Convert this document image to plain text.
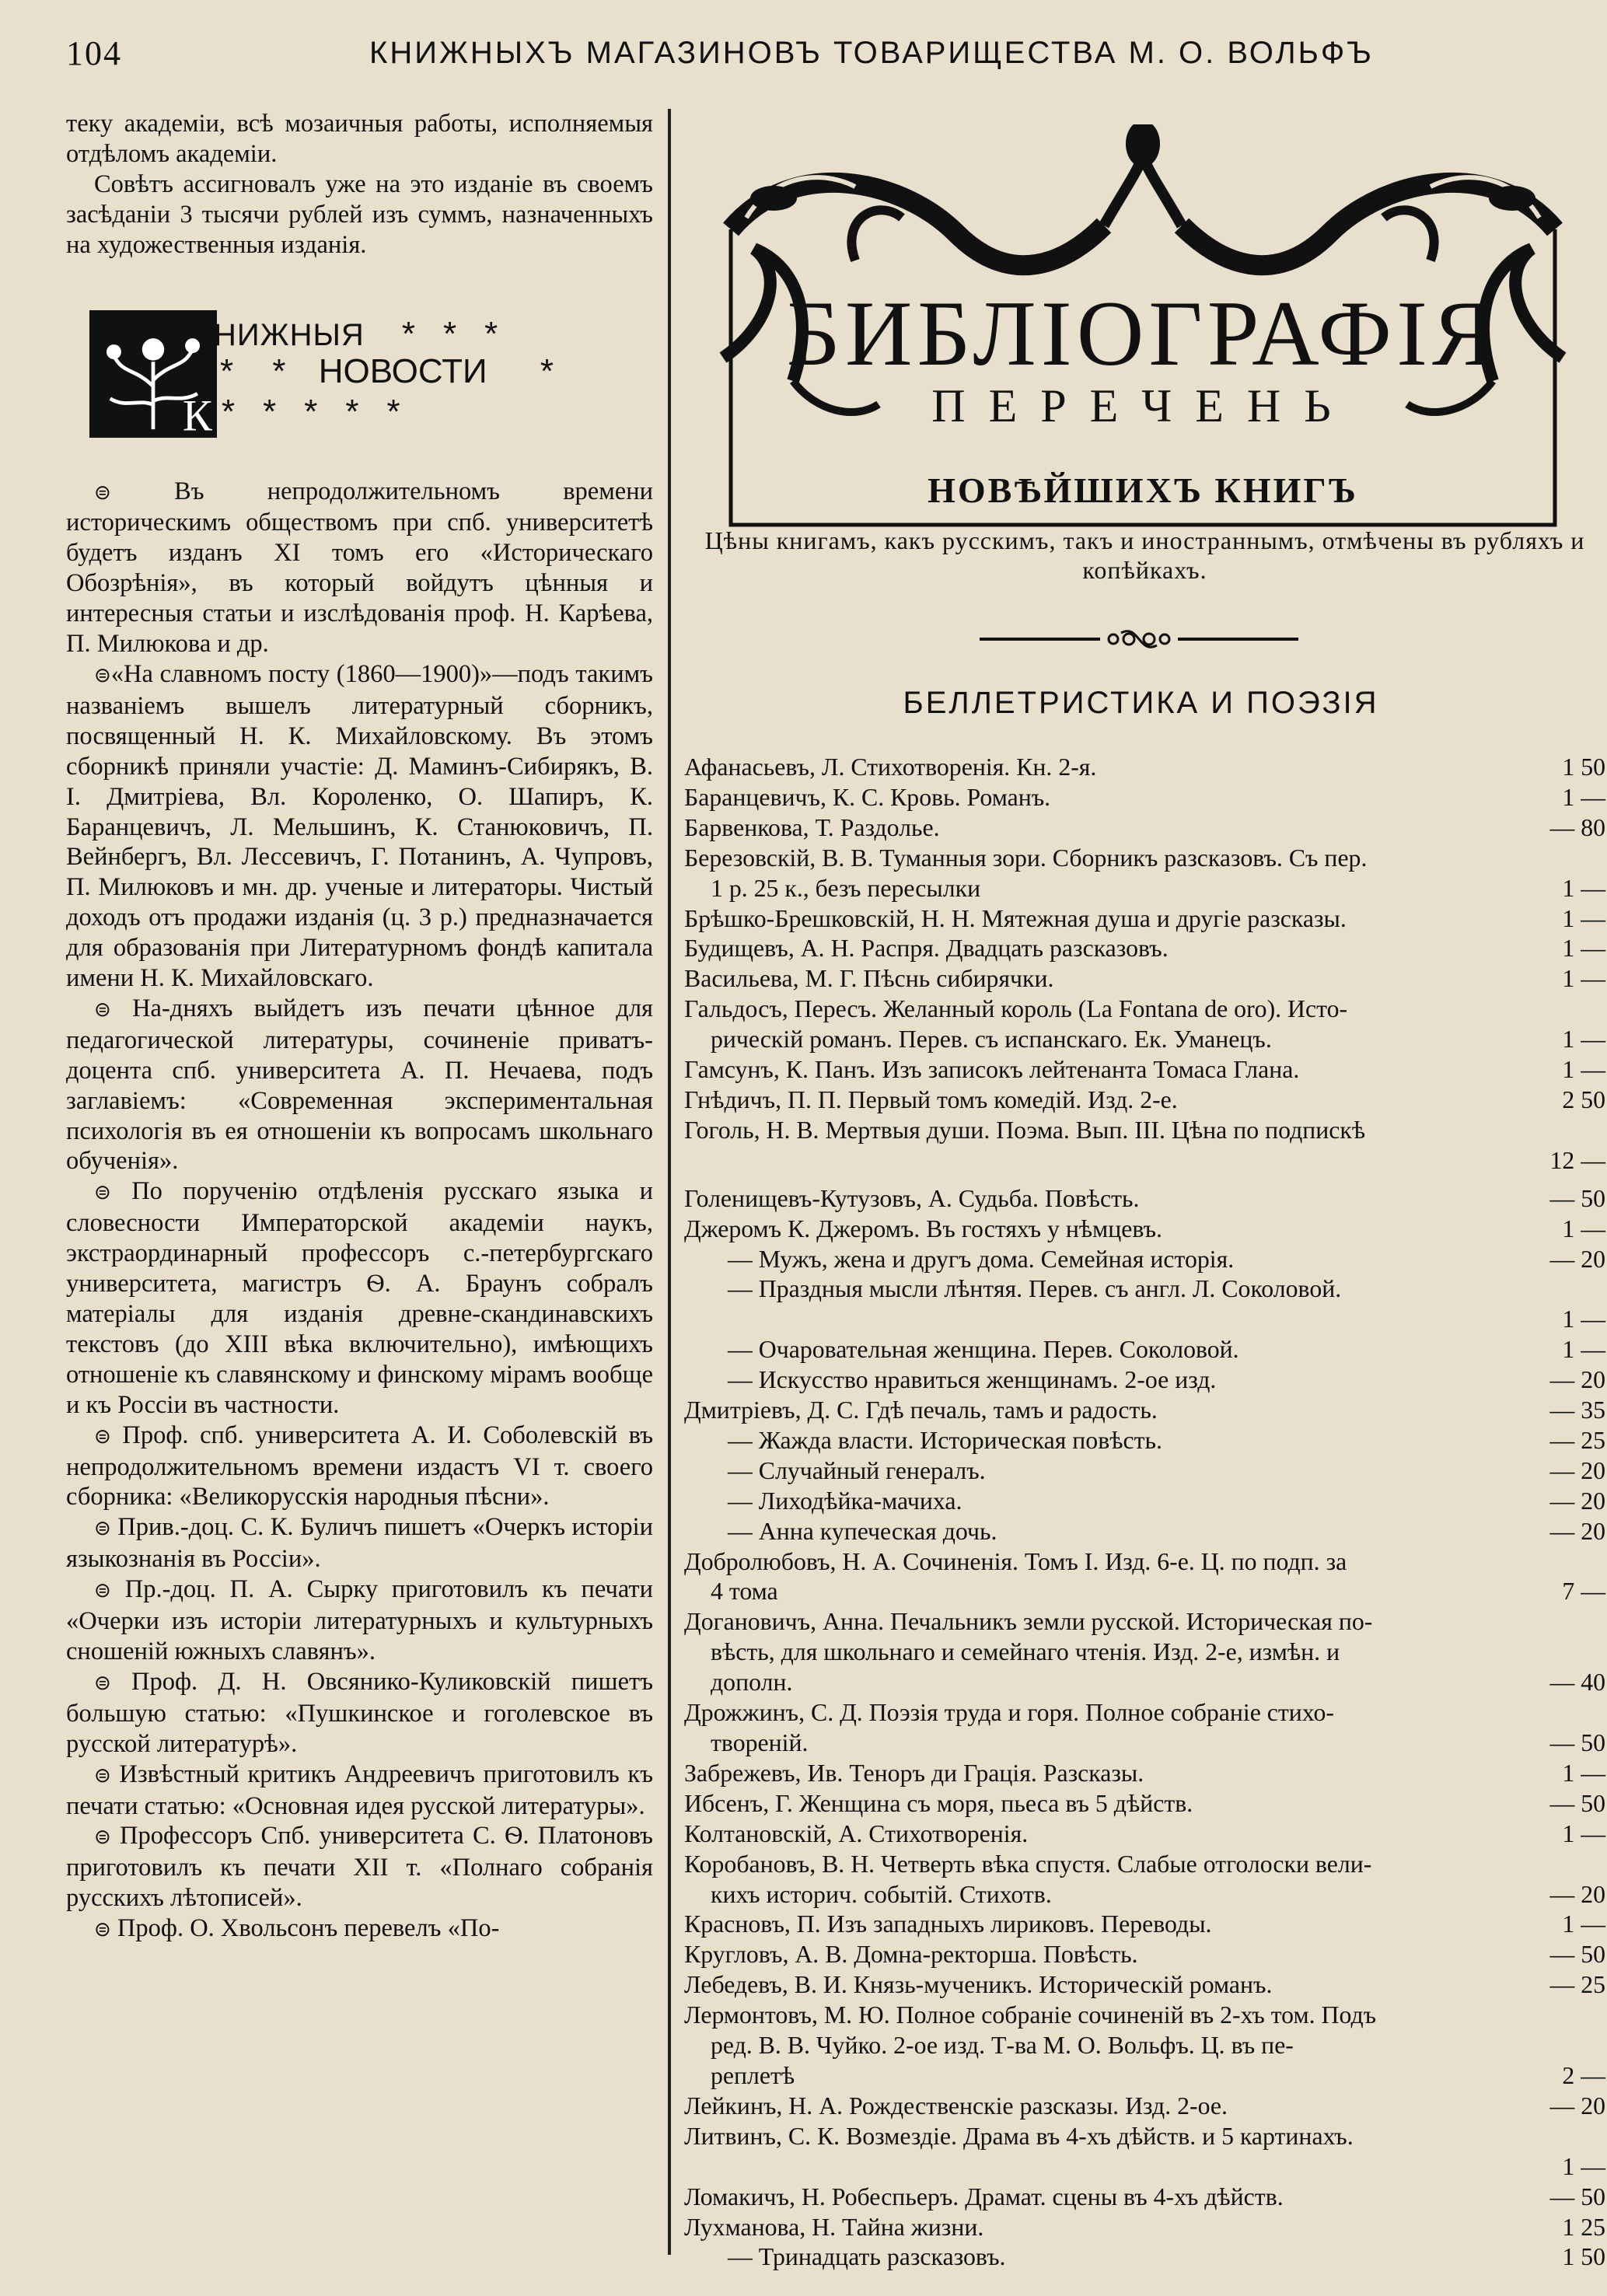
104	КНИЖНЫХЪ МАГАЗИНОВЪ ТОВАРИЩЕСТВА М. О. ВОЛЬФЪ

теку академiи, всѣ мозаичныя работы, исполняемыя отдѣломъ академiи.

Совѣтъ ассигновалъ уже на это изданiе въ своемъ засѣданiи 3 тысячи рублей изъ суммъ, назначенныхъ на художественныя изданiя.

К
НИЖНЫЯ ***
* * НОВОСТИ *
*****

⊜ Въ непродолжительномъ времени историческимъ обществомъ при спб. университетѣ будетъ изданъ XI томъ его «Историческаго Обозрѣнiя», въ который войдутъ цѣнныя и интересныя статьи и изслѣдованiя проф. Н. Карѣева, П. Милюкова и др.

⊜«На славномъ посту (1860—1900)»—подъ такимъ названiемъ вышелъ литературный сборникъ, посвященный Н. К. Михайловскому. Въ этомъ сборникѣ приняли участiе: Д. Маминъ-Сибирякъ, В. I. Дмитрiева, Вл. Короленко, О. Шапиръ, К. Баранцевичъ, Л. Мельшинъ, К. Станюковичъ, П. Вейнбергъ, Вл. Лессевичъ, Г. Потанинъ, А. Чупровъ, П. Милюковъ и мн. др. ученые и литераторы. Чистый доходъ отъ продажи изданiя (ц. 3 р.) предназначается для образованiя при Литературномъ фондѣ капитала имени Н. К. Михайловскаго.

⊜ На-дняхъ выйдетъ изъ печати цѣнное для педагогической литературы, сочиненiе приватъ-доцента спб. университета А. П. Нечаева, подъ заглавiемъ: «Современная экспериментальная психологiя въ ея отношенiи къ вопросамъ школьнаго обученiя».

⊜ По порученiю отдѣленiя русскаго языка и словесности Императорской академiи наукъ, экстраординарный профессоръ с.-петербургскаго университета, магистръ Ѳ. А. Браунъ собралъ матерiалы для изданiя древне-скандинавскихъ текстовъ (до XIII вѣка включительно), имѣющихъ отношенiе къ славянскому и финскому мiрамъ вообще и къ Россiи въ частности.

⊜ Проф. спб. университета А. И. Соболевскiй въ непродолжительномъ времени издастъ VI т. своего сборника: «Великорусскiя народныя пѣсни».

⊜ Прив.-доц. С. К. Буличъ пишетъ «Очеркъ исторiи языкознанiя въ Россiи».

⊜ Пр.-доц. П. А. Сырку приготовилъ къ печати «Очерки изъ исторiи литературныхъ и культурныхъ сношенiй южныхъ славянъ».

⊜ Проф. Д. Н. Овсянико-Куликовскiй пишетъ большую статью: «Пушкинское и гоголевское въ русской литературѣ».

⊜ Извѣстный критикъ Андреевичъ приготовилъ къ печати статью: «Основная идея русской литературы».

⊜ Профессоръ Спб. университета С. Ѳ. Платоновъ приготовилъ къ печати XII т. «Полнаго собранiя русскихъ лѣтописей».

⊜ Проф. О. Хвольсонъ перевелъ «По-

БИБЛIОГРАФIЯ
ПЕРЕЧЕНЬ
НОВѢЙШИХЪ КНИГЪ
Цѣны книгамъ, какъ русскимъ, такъ и иностраннымъ, отмѣчены въ рубляхъ и копѣйкахъ.
БЕЛЛЕТРИСТИКА И ПОЭЗIЯ
Афанасьевъ, Л. Стихотворенiя. Кн. 2-я.	1 50
Баранцевичъ, К. С. Кровь. Романъ.	1 —
Барвенкова, Т. Раздолье.	— 80
Березовскiй, В. В. Туманныя зори. Сборникъ разсказовъ. Съ пер.
1 р. 25 к., безъ пересылки	1 —
Брѣшко-Брешковскiй, Н. Н. Мятежная душа и другiе разсказы.	1 —
Будищевъ, А. Н. Распря. Двадцать разсказовъ.	1 —
Васильева, М. Г. Пѣснь сибирячки.	1 —
Гальдосъ, Пересъ. Желанный король (La Fontana de oro). Исто-
рическiй романъ. Перев. съ испанскаго. Ек. Уманецъ.	1 —
Гамсунъ, К. Панъ. Изъ записокъ лейтенанта Томаса Глана.	1 —
Гнѣдичъ, П. П. Первый томъ комедiй. Изд. 2-е.	2 50
Гоголь, Н. В. Мертвыя души. Поэма. Вып. III. Цѣна по подпискѣ
12 —
Голенищевъ-Кутузовъ, А. Судьба. Повѣсть.	— 50
Джеромъ К. Джеромъ. Въ гостяхъ у нѣмцевъ.	1 —
— Мужъ, жена и другъ дома. Семейная исторiя.	— 20
— Праздныя мысли лѣнтяя. Перев. съ англ. Л. Соколовой.
1 —
— Очаровательная женщина. Перев. Соколовой.	1 —
— Искусство нравиться женщинамъ. 2-ое изд.	— 20
Дмитрiевъ, Д. С. Гдѣ печаль, тамъ и радость.	— 35
— Жажда власти. Историческая повѣсть.	— 25
— Случайный генералъ.	— 20
— Лиходѣйка-мачиха.	— 20
— Анна купеческая дочь.	— 20
Добролюбовъ, Н. А. Сочиненiя. Томъ I. Изд. 6-е. Ц. по подп. за
4 тома	7 —
Догановичъ, Анна. Печальникъ земли русской. Историческая по-
вѣсть, для школьнаго и семейнаго чтенiя. Изд. 2-е, измѣн. и
дополн.	— 40
Дрожжинъ, С. Д. Поэзiя труда и горя. Полное собранiе стихо-
творенiй.	— 50
Забрежевъ, Ив. Теноръ ди Грацiя. Разсказы.	1 —
Ибсенъ, Г. Женщина съ моря, пьеса въ 5 дѣйств.	— 50
Колтановскiй, А. Стихотворенiя.	1 —
Коробановъ, В. Н. Четверть вѣка спустя. Слабые отголоски вели-
кихъ историч. событiй. Стихотв.	— 20
Красновъ, П. Изъ западныхъ лириковъ. Переводы.	1 —
Кругловъ, А. В. Домна-ректорша. Повѣсть.	— 50
Лебедевъ, В. И. Князь-мученикъ. Историческiй романъ.	— 25
Лермонтовъ, М. Ю. Полное собранiе сочиненiй въ 2-хъ том. Подъ
ред. В. В. Чуйко. 2-ое изд. Т-ва М. О. Вольфъ. Ц. въ пе-
реплетѣ	2 —
Лейкинъ, Н. А. Рождественскiе разсказы. Изд. 2-ое.	— 20
Литвинъ, С. К. Возмездiе. Драма въ 4-хъ дѣйств. и 5 картинахъ.
1 —
Ломакичъ, Н. Робеспьеръ. Драмат. сцены въ 4-хъ дѣйств.	— 50
Лухманова, Н. Тайна жизни.	1 25
— Тринадцать разсказовъ.	1 50
